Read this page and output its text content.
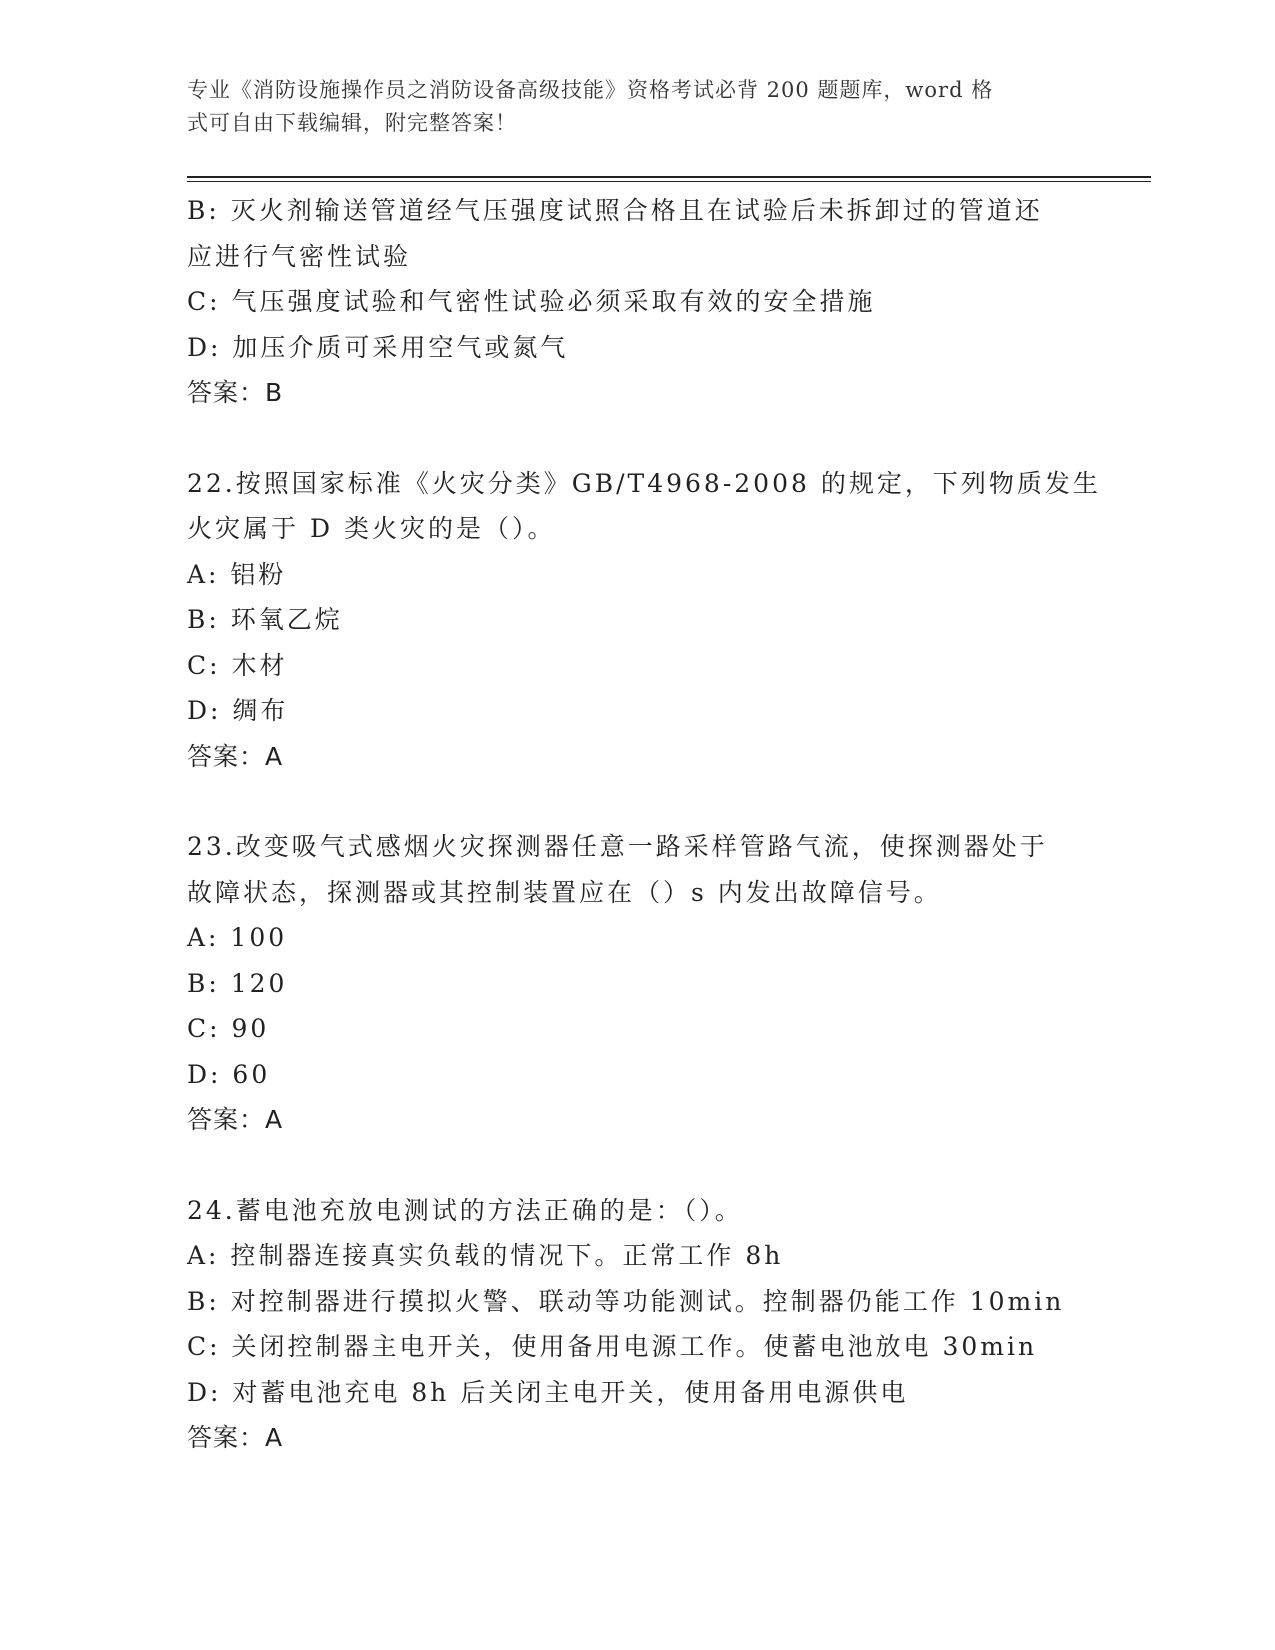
专业《消防设施操作员之消防设备高级技能》资格考试必背 200 题题库，word 格
式可自由下载编辑，附完整答案！
B: 灭火剂输送管道经气压强度试照合格且在试验后未拆卸过的管道还
应进行气密性试验
C: 气压强度试验和气密性试验必须采取有效的安全措施
D: 加压介质可采用空气或氮气
答案：B
22.按照国家标准《火灾分类》GB/T4968-2008 的规定，下列物质发生
火灾属于 D 类火灾的是（）。
A: 铝粉
B: 环氧乙烷
C: 木材
D: 绸布
答案：A
23.改变吸气式感烟火灾探测器任意一路采样管路气流，使探测器处于
故障状态，探测器或其控制装置应在（）s 内发出故障信号。
A: 100
B: 120
C: 90
D: 60
答案：A
24.蓄电池充放电测试的方法正确的是：（）。
A: 控制器连接真实负载的情况下。正常工作 8h
B: 对控制器进行摸拟火警、联动等功能测试。控制器仍能工作 10min
C: 关闭控制器主电开关，使用备用电源工作。使蓄电池放电 30min
D: 对蓄电池充电 8h 后关闭主电开关，使用备用电源供电
答案：A
